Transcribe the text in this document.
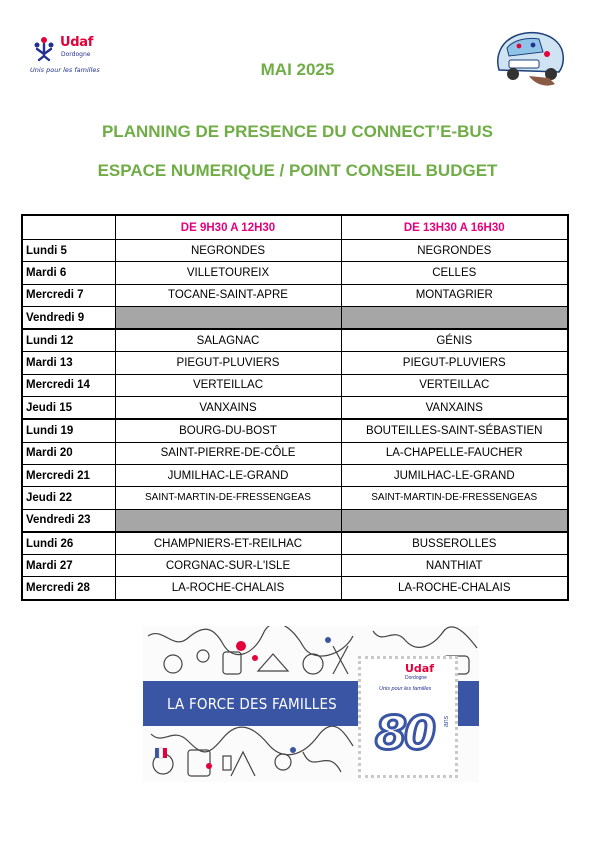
Udaf
Dordogne
Unis pour les familles	MAI 2025
PLANNING DE PRESENCE DU CONNECT’E-BUS
ESPACE NUMERIQUE / POINT CONSEIL BUDGET
	DE 9H30 A 12H30	DE 13H30 A 16H30
Lundi 5	NEGRONDES	NEGRONDES
Mardi 6	VILLETOUREIX	CELLES
Mercredi 7	TOCANE-SAINT-APRE	MONTAGRIER
Vendredi 9		
Lundi 12	SALAGNAC	GÉNIS
Mardi 13	PIEGUT-PLUVIERS	PIEGUT-PLUVIERS
Mercredi 14	VERTEILLAC	VERTEILLAC
Jeudi 15	VANXAINS	VANXAINS
Lundi 19	BOURG-DU-BOST	BOUTEILLES-SAINT-SÉBASTIEN
Mardi 20	SAINT-PIERRE-DE-CÔLE	LA-CHAPELLE-FAUCHER
Mercredi 21	JUMILHAC-LE-GRAND	JUMILHAC-LE-GRAND
Jeudi 22	SAINT-MARTIN-DE-FRESSENGEAS	SAINT-MARTIN-DE-FRESSENGEAS
Vendredi 23		
Lundi 26	CHAMPNIERS-ET-REILHAC	BUSSEROLLES
Mardi 27	CORGNAC-SUR-L'ISLE	NANTHIAT
Mercredi 28	LA-ROCHE-CHALAIS	LA-ROCHE-CHALAIS
LA FORCE DES FAMILLES
Udaf
Dordogne
Unis pour les familles
80 ans
